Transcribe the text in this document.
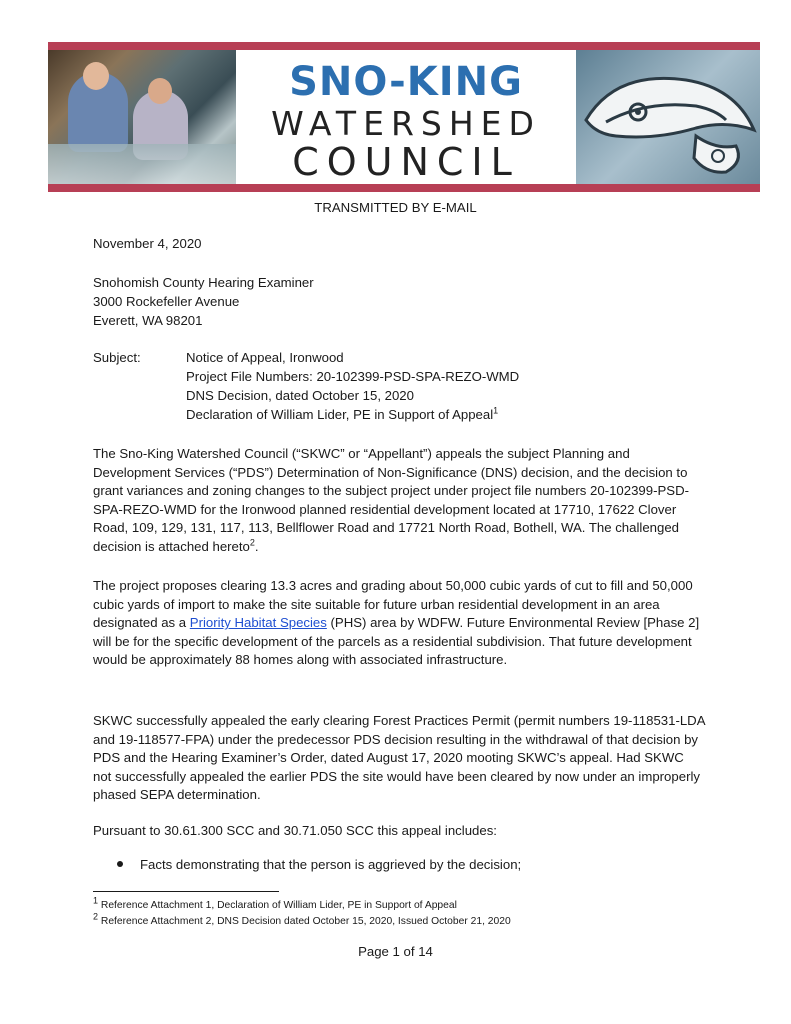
SNO-KING
WATERSHED
COUNCIL
TRANSMITTED BY E-MAIL
November 4, 2020
Snohomish County Hearing Examiner
3000 Rockefeller Avenue
Everett, WA 98201
Subject:	Notice of Appeal, Ironwood
Project File Numbers: 20-102399-PSD-SPA-REZO-WMD
DNS Decision, dated October 15, 2020
Declaration of William Lider, PE in Support of Appeal$^1$

The Sno-King Watershed Council (“SKWC” or “Appellant”) appeals the subject Planning and Development Services (“PDS”) Determination of Non-Significance (DNS) decision, and the decision to grant variances and zoning changes to the subject project under project file numbers 20-102399-PSD-SPA-REZO-WMD for the Ironwood planned residential development located at 17710, 17622 Clover Road, 109, 129, 131, 117, 113, Bellflower Road and 17721 North Road, Bothell, WA. The challenged decision is attached hereto$^2$.

The project proposes clearing 13.3 acres and grading about 50,000 cubic yards of cut to fill and 50,000 cubic yards of import to make the site suitable for future urban residential development in an area designated as a Priority Habitat Species (PHS) area by WDFW. Future Environmental Review [Phase 2] will be for the specific development of the parcels as a residential subdivision. That future development would be approximately 88 homes along with associated infrastructure.

SKWC successfully appealed the early clearing Forest Practices Permit (permit numbers 19-118531-LDA and 19-118577-FPA) under the predecessor PDS decision resulting in the withdrawal of that decision by PDS and the Hearing Examiner’s Order, dated August 17, 2020 mooting SKWC’s appeal. Had SKWC not successfully appealed the earlier PDS the site would have been cleared by now under an improperly phased SEPA determination.

Pursuant to 30.61.300 SCC and 30.71.050 SCC this appeal includes:
Facts demonstrating that the person is aggrieved by the decision;
$^1$ Reference Attachment 1, Declaration of William Lider, PE in Support of Appeal
$^2$ Reference Attachment 2, DNS Decision dated October 15, 2020, Issued October 21, 2020
Page 1 of 14
